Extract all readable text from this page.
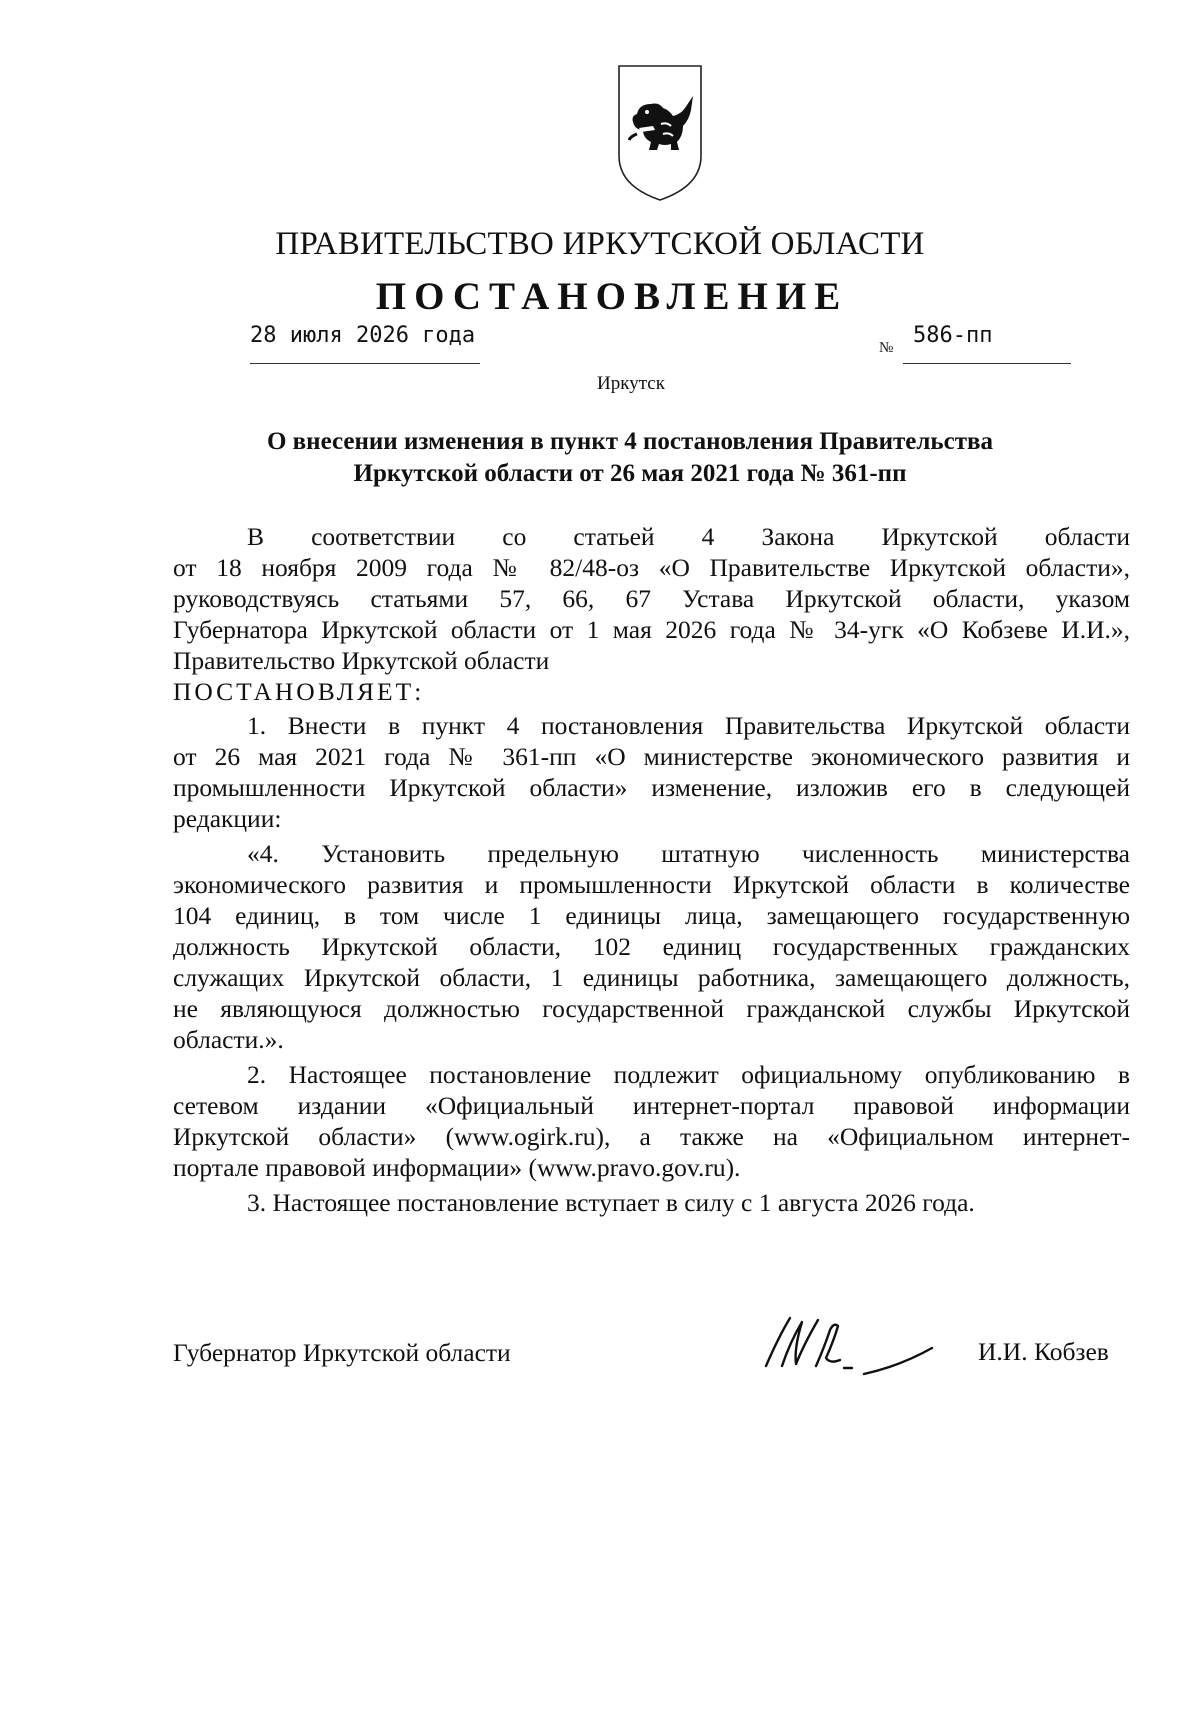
ПРАВИТЕЛЬСТВО ИРКУТСКОЙ ОБЛАСТИ
ПОСТАНОВЛЕНИЕ
28 июля 2026 года	№ 586-пп
Иркутск
О внесении изменения в пункт 4 постановления Правительства
Иркутской области от 26 мая 2021 года № 361-пп
В соответствии со статьей 4 Закона Иркутской области
от 18 ноября 2009 года № 82/48-оз «О Правительстве Иркутской области»,
руководствуясь статьями 57, 66, 67 Устава Иркутской области, указом
Губернатора Иркутской области от 1 мая 2026 года № 34-угк «О Кобзеве И.И.»,
Правительство Иркутской области
ПОСТАНОВЛЯЕТ:
1. Внести в пункт 4 постановления Правительства Иркутской области
от 26 мая 2021 года № 361-пп «О министерстве экономического развития и
промышленности Иркутской области» изменение, изложив его в следующей
редакции:
«4. Установить предельную штатную численность министерства
экономического развития и промышленности Иркутской области в количестве
104 единиц, в том числе 1 единицы лица, замещающего государственную
должность Иркутской области, 102 единиц государственных гражданских
служащих Иркутской области, 1 единицы работника, замещающего должность,
не являющуюся должностью государственной гражданской службы Иркутской
области.».
2. Настоящее постановление подлежит официальному опубликованию в
сетевом издании «Официальный интернет-портал правовой информации
Иркутской области» (www.ogirk.ru), а также на «Официальном интернет-
портале правовой информации» (www.pravo.gov.ru).
3. Настоящее постановление вступает в силу с 1 августа 2026 года.
Губернатор Иркутской области	И.И. Кобзев
